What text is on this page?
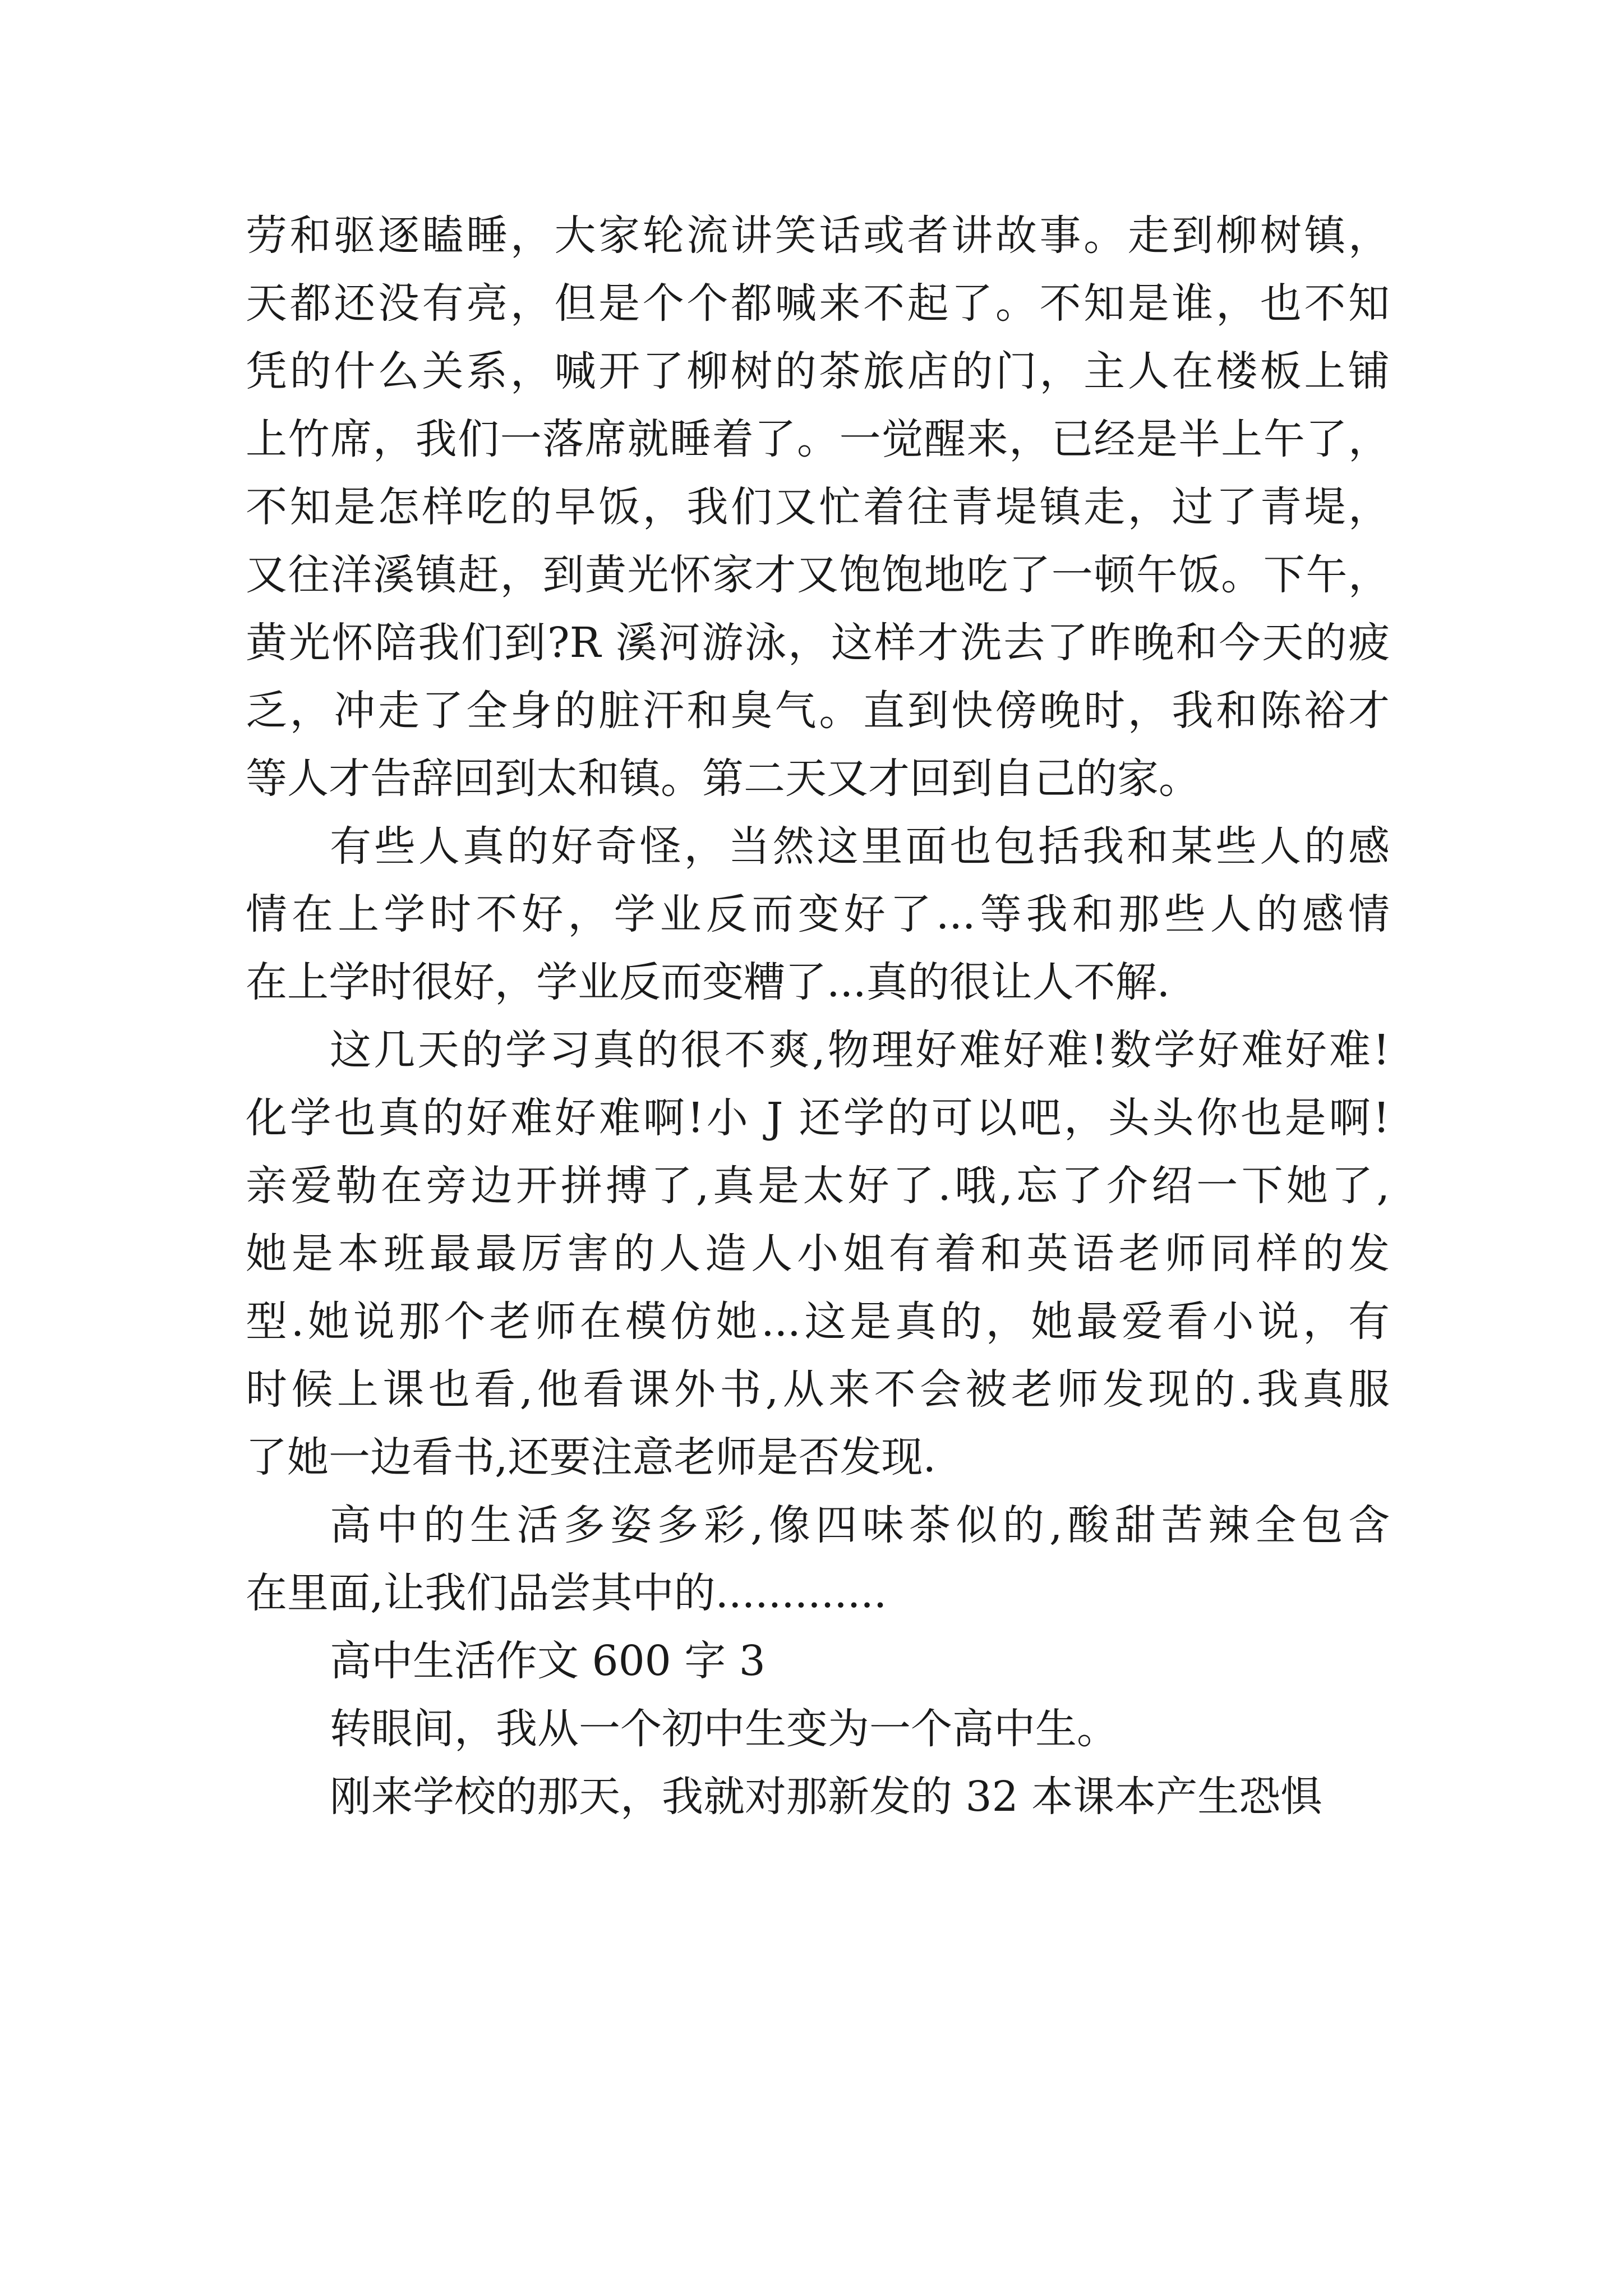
劳和驱逐瞌睡，大家轮流讲笑话或者讲故事。走到柳树镇，
天都还没有亮，但是个个都喊来不起了。不知是谁，也不知
凭的什么关系，喊开了柳树的茶旅店的门，主人在楼板上铺
上竹席，我们一落席就睡着了。一觉醒来，已经是半上午了，
不知是怎样吃的早饭，我们又忙着往青堤镇走，过了青堤，
又往洋溪镇赶，到黄光怀家才又饱饱地吃了一顿午饭。下午，
黄光怀陪我们到?R 溪河游泳，这样才洗去了昨晚和今天的疲
乏，冲走了全身的脏汗和臭气。直到快傍晚时，我和陈裕才
等人才告辞回到太和镇。第二天又才回到自己的家。
有些人真的好奇怪，当然这里面也包括我和某些人的感
情在上学时不好，学业反而变好了...等我和那些人的感情
在上学时很好，学业反而变糟了...真的很让人不解.
这几天的学习真的很不爽,物理好难好难!数学好难好难!
化学也真的好难好难啊!小 J 还学的可以吧，头头你也是啊!
亲爱勒在旁边开拼搏了,真是太好了.哦,忘了介绍一下她了,
她是本班最最厉害的人造人小姐有着和英语老师同样的发
型.她说那个老师在模仿她...这是真的，她最爱看小说，有
时候上课也看,他看课外书,从来不会被老师发现的.我真服
了她一边看书,还要注意老师是否发现.
高中的生活多姿多彩,像四味茶似的,酸甜苦辣全包含
在里面,让我们品尝其中的.............
高中生活作文 600 字 3
转眼间，我从一个初中生变为一个高中生。
刚来学校的那天，我就对那新发的 32 本课本产生恐惧
